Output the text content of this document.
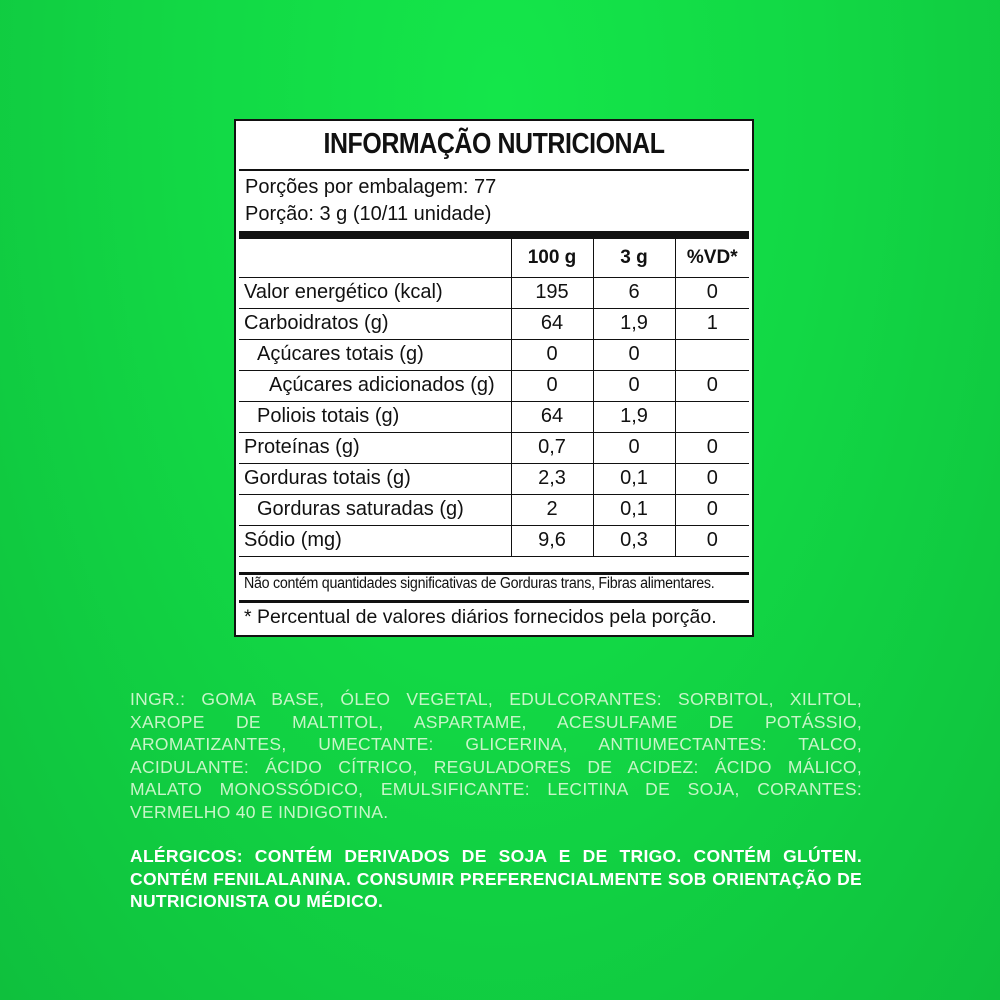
INFORMAÇÃO NUTRICIONAL
Porções por embalagem: 77
Porção: 3 g (10/11 unidade)
	100 g	3 g	%VD*
Valor energético (kcal)	195	6	0
Carboidratos (g)	64	1,9	1
Açúcares totais (g)	0	0	
Açúcares adicionados (g)	0	0	0
Poliois totais (g)	64	1,9	
Proteínas (g)	0,7	0	0
Gorduras totais (g)	2,3	0,1	0
Gorduras saturadas (g)	2	0,1	0
Sódio (mg)	9,6	0,3	0
Não contém quantidades significativas de Gorduras trans, Fibras alimentares.
* Percentual de valores diários fornecidos pela porção.
INGR.: GOMA BASE, ÓLEO VEGETAL, EDULCORANTES: SORBITOL, XILITOL, XAROPE DE MALTITOL, ASPARTAME, ACESULFAME DE POTÁSSIO, AROMATIZANTES, UMECTANTE: GLICERINA, ANTIUMECTANTES: TALCO, ACIDULANTE: ÁCIDO CÍTRICO, REGULADORES DE ACIDEZ: ÁCIDO MÁLICO, MALATO MONOSSÓDICO, EMULSIFICANTE: LECITINA DE SOJA, CORANTES: VERMELHO 40 E INDIGOTINA.
ALÉRGICOS: CONTÉM DERIVADOS DE SOJA E DE TRIGO. CONTÉM GLÚTEN. CONTÉM FENILALANINA. CONSUMIR PREFERENCIALMENTE SOB ORIENTAÇÃO DE NUTRICIONISTA OU MÉDICO.
